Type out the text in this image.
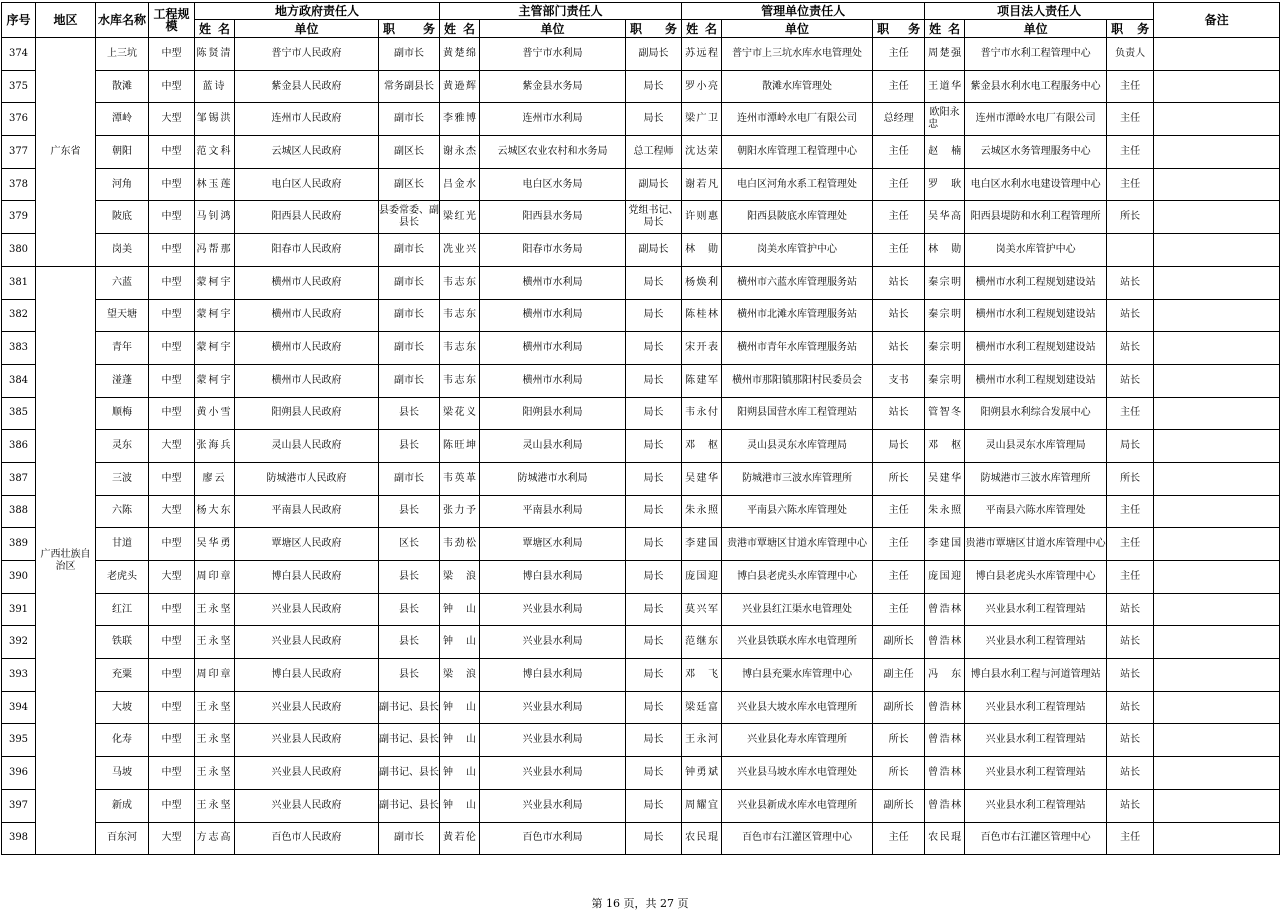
序号	地区	水库名称	工程规模	地方政府责任人			主管部门责任人			管理单位责任人			项目法人责任人			备注
				姓名	单位	职务	姓名	单位	职务	姓名	单位	职务	姓名	单位	职务	
374	广东省	上三坑	中型	陈贤清	普宁市人民政府	副市长	黄楚绵	普宁市水利局	副局长	苏远程	普宁市上三坑水库水电管理处	主任	周楚强	普宁市水利工程管理中心	负责人	
375		散滩	中型	蓝诗	紫金县人民政府	常务副县长	黄逊辉	紫金县水务局	局长	罗小亮	散滩水库管理处	主任	王道华	紫金县水利水电工程服务中心	主任	
376		潭岭	大型	邹锡洪	连州市人民政府	副市长	李雅博	连州市水利局	局长	梁广卫	连州市潭岭水电厂有限公司	总经理	欧阳永忠	连州市潭岭水电厂有限公司	主任	
377		朝阳	中型	范文科	云城区人民政府	副区长	谢永杰	云城区农业农村和水务局	总工程师	沈达荣	朝阳水库管理工程管理中心	主任	赵楠	云城区水务管理服务中心	主任	
378		河角	中型	林玉莲	电白区人民政府	副区长	吕金水	电白区水务局	副局长	谢若凡	电白区河角水系工程管理处	主任	罗耿	电白区水利水电建设管理中心	主任	
379		陂底	中型	马钊鸿	阳西县人民政府	县委常委、副县长	梁红光	阳西县水务局	党组书记、局长	许则惠	阳西县陂底水库管理处	主任	吴华高	阳西县堤防和水利工程管理所	所长	
380		岗美	中型	冯帮那	阳春市人民政府	副市长	冼业兴	阳春市水务局	副局长	林勋	岗美水库管护中心	主任	林勋	岗美水库管护中心		
381	广西壮族自治区	六蓝	中型	蒙柯宇	横州市人民政府	副市长	韦志东	横州市水利局	局长	杨焕利	横州市六蓝水库管理服务站	站长	秦宗明	横州市水利工程规划建设站	站长	
382		望天塘	中型	蒙柯宇	横州市人民政府	副市长	韦志东	横州市水利局	局长	陈桂林	横州市北滩水库管理服务站	站长	秦宗明	横州市水利工程规划建设站	站长	
383		青年	中型	蒙柯宇	横州市人民政府	副市长	韦志东	横州市水利局	局长	宋开表	横州市青年水库管理服务站	站长	秦宗明	横州市水利工程规划建设站	站长	
384		湴蓬	中型	蒙柯宇	横州市人民政府	副市长	韦志东	横州市水利局	局长	陈建军	横州市那阳镇那阳村民委员会	支书	秦宗明	横州市水利工程规划建设站	站长	
385		顺梅	中型	黄小雪	阳朔县人民政府	县长	梁花义	阳朔县水利局	局长	韦永付	阳朔县国营水库工程管理站	站长	管智冬	阳朔县水利综合发展中心	主任	
386		灵东	大型	张海兵	灵山县人民政府	县长	陈旺坤	灵山县水利局	局长	邓枢	灵山县灵东水库管理局	局长	邓枢	灵山县灵东水库管理局	局长	
387		三波	中型	廖云	防城港市人民政府	副市长	韦英革	防城港市水利局	局长	吴建华	防城港市三波水库管理所	所长	吴建华	防城港市三波水库管理所	所长	
388		六陈	大型	杨大东	平南县人民政府	县长	张力予	平南县水利局	局长	朱永照	平南县六陈水库管理处	主任	朱永照	平南县六陈水库管理处	主任	
389		甘道	中型	吴华勇	覃塘区人民政府	区长	韦劲松	覃塘区水利局	局长	李建国	贵港市覃塘区甘道水库管理中心	主任	李建国	贵港市覃塘区甘道水库管理中心	主任	
390		老虎头	大型	周印章	博白县人民政府	县长	梁浪	博白县水利局	局长	庞国迎	博白县老虎头水库管理中心	主任	庞国迎	博白县老虎头水库管理中心	主任	
391		红江	中型	王永坚	兴业县人民政府	县长	钟山	兴业县水利局	局长	莫兴军	兴业县红江渠水电管理处	主任	曾浩林	兴业县水利工程管理站	站长	
392		铁联	中型	王永坚	兴业县人民政府	县长	钟山	兴业县水利局	局长	范继东	兴业县铁联水库水电管理所	副所长	曾浩林	兴业县水利工程管理站	站长	
393		充粟	中型	周印章	博白县人民政府	县长	梁浪	博白县水利局	局长	邓飞	博白县充粟水库管理中心	副主任	冯东	博白县水利工程与河道管理站	站长	
394		大坡	中型	王永坚	兴业县人民政府	副书记、县长	钟山	兴业县水利局	局长	梁廷富	兴业县大坡水库水电管理所	副所长	曾浩林	兴业县水利工程管理站	站长	
395		化寿	中型	王永坚	兴业县人民政府	副书记、县长	钟山	兴业县水利局	局长	王永河	兴业县化寿水库管理所	所长	曾浩林	兴业县水利工程管理站	站长	
396		马坡	中型	王永坚	兴业县人民政府	副书记、县长	钟山	兴业县水利局	局长	钟勇斌	兴业县马坡水库水电管理处	所长	曾浩林	兴业县水利工程管理站	站长	
397		新成	中型	王永坚	兴业县人民政府	副书记、县长	钟山	兴业县水利局	局长	周耀宜	兴业县新成水库水电管理所	副所长	曾浩林	兴业县水利工程管理站	站长	
398		百东河	大型	方志高	百色市人民政府	副市长	黄若伦	百色市水利局	局长	农民琨	百色市右江灌区管理中心	主任	农民琨	百色市右江灌区管理中心	主任	
第 16 页，共 27 页
